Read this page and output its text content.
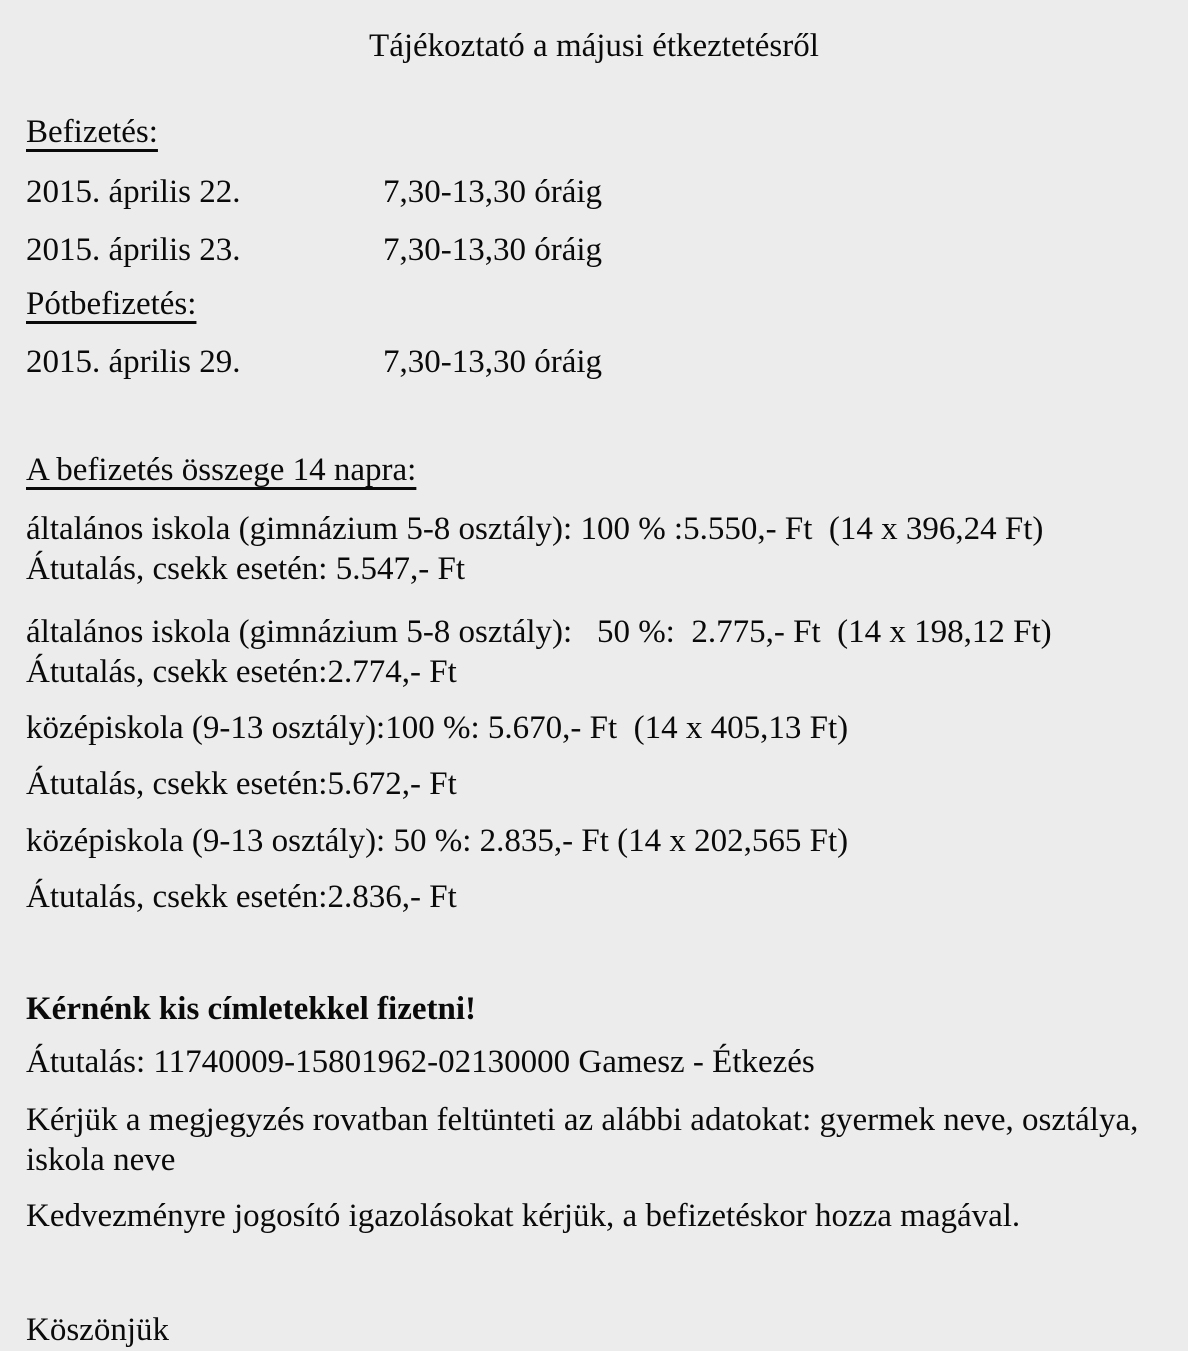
Tájékoztató a májusi étkeztetésről
Befizetés:
2015. április 22.	7,30-13,30 óráig
2015. április 23.	7,30-13,30 óráig
Pótbefizetés:
2015. április 29.	7,30-13,30 óráig
A befizetés összege 14 napra:
általános iskola (gimnázium 5-8 osztály): 100 % :5.550,- Ft  (14 x 396,24 Ft)
Átutalás, csekk esetén: 5.547,- Ft
általános iskola (gimnázium 5-8 osztály):   50 %:  2.775,- Ft  (14 x 198,12 Ft)
Átutalás, csekk esetén:2.774,- Ft
középiskola (9-13 osztály):100 %: 5.670,- Ft  (14 x 405,13 Ft)
Átutalás, csekk esetén:5.672,- Ft
középiskola (9-13 osztály): 50 %: 2.835,- Ft (14 x 202,565 Ft)
Átutalás, csekk esetén:2.836,- Ft
Kérnénk kis címletekkel fizetni!
Átutalás: 11740009-15801962-02130000 Gamesz - Étkezés
Kérjük a megjegyzés rovatban feltünteti az alábbi adatokat: gyermek neve, osztálya, iskola neve
Kedvezményre jogosító igazolásokat kérjük, a befizetéskor hozza magával.
Köszönjük
